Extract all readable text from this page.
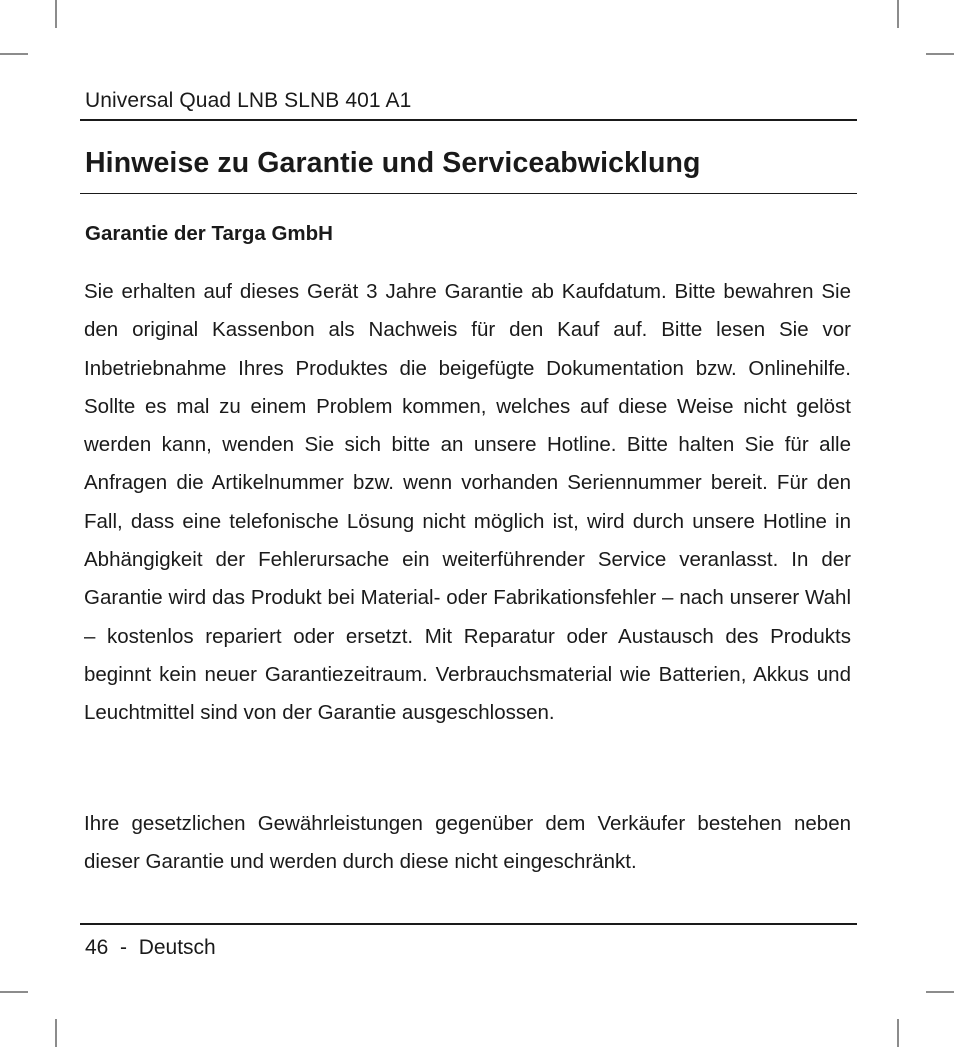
Universal Quad LNB SLNB 401 A1
Hinweise zu Garantie und Serviceabwicklung
Garantie der Targa GmbH

Sie erhalten auf dieses Gerät 3 Jahre Garantie ab Kaufdatum. Bitte bewahren Sie den original Kassenbon als Nachweis für den Kauf auf. Bitte lesen Sie vor Inbetriebnahme Ihres Produktes die beigefügte Dokumentation bzw. Onlinehilfe. Sollte es mal zu einem Problem kommen, welches auf diese Weise nicht gelöst werden kann, wenden Sie sich bitte an unsere Hotline. Bitte halten Sie für alle Anfragen die Artikelnummer bzw. wenn vorhanden Seriennummer bereit. Für den Fall, dass eine telefonische Lösung nicht möglich ist, wird durch unsere Hotline in Abhängigkeit der Fehlerursache ein weiterführender Service veranlasst. In der Garantie wird das Produkt bei Material- oder Fabrikationsfehler – nach unserer Wahl – kostenlos repariert oder ersetzt. Mit Reparatur oder Austausch des Produkts beginnt kein neuer Garantiezeitraum. Verbrauchsmaterial wie Batterien, Akkus und Leuchtmittel sind von der Garantie ausgeschlossen.

Ihre gesetzlichen Gewährleistungen gegenüber dem Verkäufer bestehen neben dieser Garantie und werden durch diese nicht eingeschränkt.

46 - Deutsch
